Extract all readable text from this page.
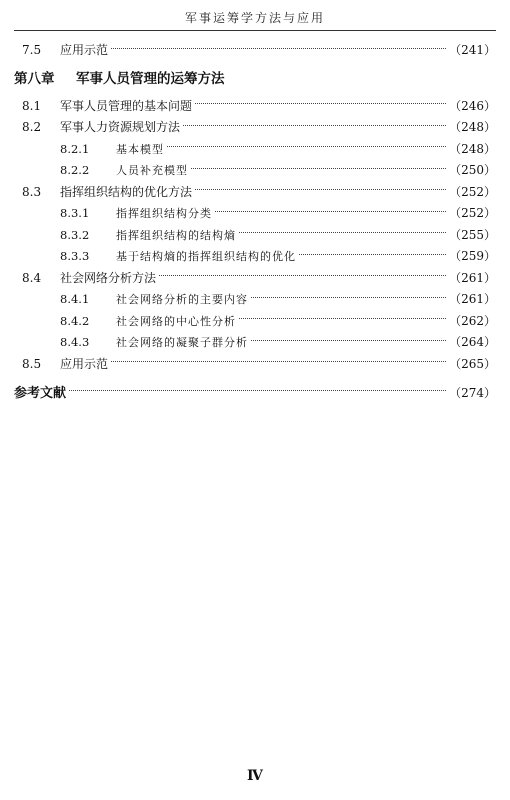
军事运筹学方法与应用
7.5	应用示范	（241）
第八章	军事人员管理的运筹方法
8.1	军事人员管理的基本问题	（246）
8.2	军事人力资源规划方法	（248）
8.2.1	基本模型	（248）
8.2.2	人员补充模型	（250）
8.3	指挥组织结构的优化方法	（252）
8.3.1	指挥组织结构分类	（252）
8.3.2	指挥组织结构的结构熵	（255）
8.3.3	基于结构熵的指挥组织结构的优化	（259）
8.4	社会网络分析方法	（261）
8.4.1	社会网络分析的主要内容	（261）
8.4.2	社会网络的中心性分析	（262）
8.4.3	社会网络的凝聚子群分析	（264）
8.5	应用示范	（265）
参考文献	（274）
Ⅳ
